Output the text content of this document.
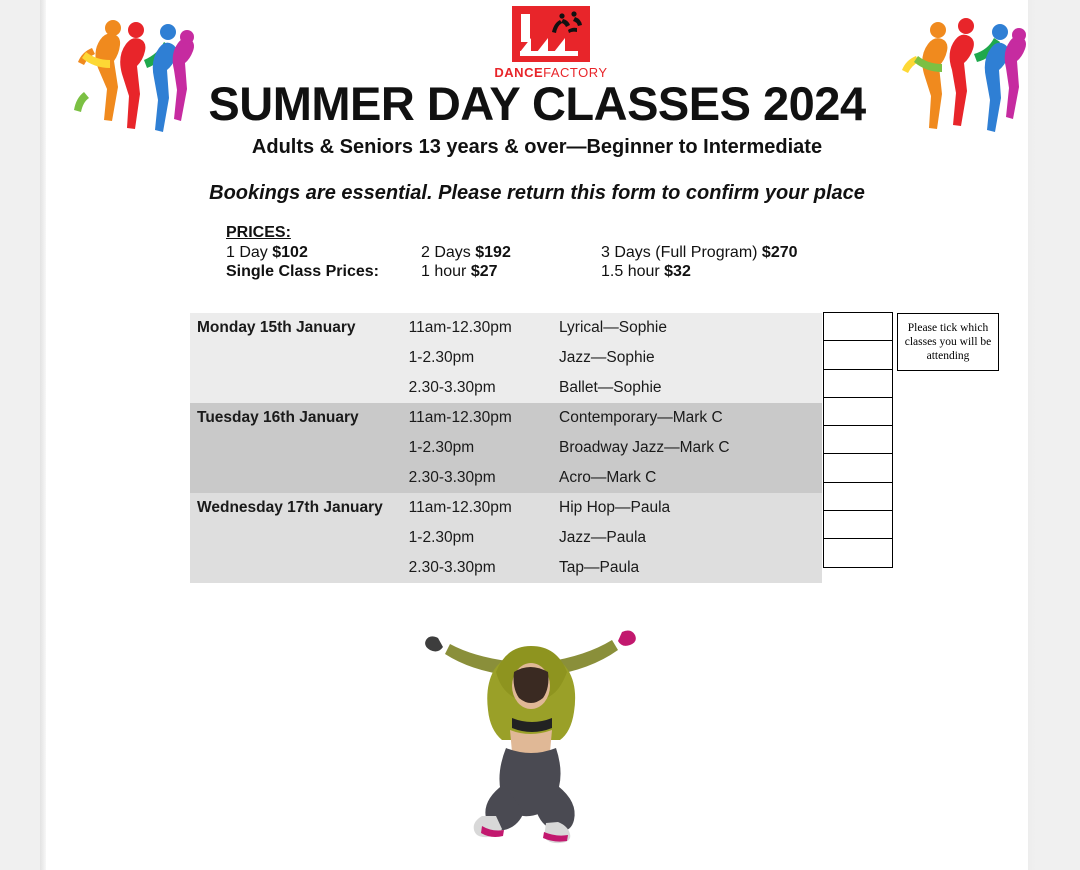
DANCEFACTORY
SUMMER DAY CLASSES 2024
Adults & Seniors 13 years & over—Beginner to Intermediate
Bookings are essential. Please return this form to confirm your place
PRICES:
1 Day $102	2 Days $192	3 Days (Full Program) $270
Single Class Prices:	1 hour $27	1.5 hour $32
Monday 15th January	11am-12.30pm	Lyrical—Sophie
	1-2.30pm	Jazz—Sophie
	2.30-3.30pm	Ballet—Sophie
Tuesday 16th January	11am-12.30pm	Contemporary—Mark C
	1-2.30pm	Broadway Jazz—Mark C
	2.30-3.30pm	Acro—Mark C
Wednesday 17th January	11am-12.30pm	Hip Hop—Paula
	1-2.30pm	Jazz—Paula
	2.30-3.30pm	Tap—Paula
Please tick which classes you will be attending
